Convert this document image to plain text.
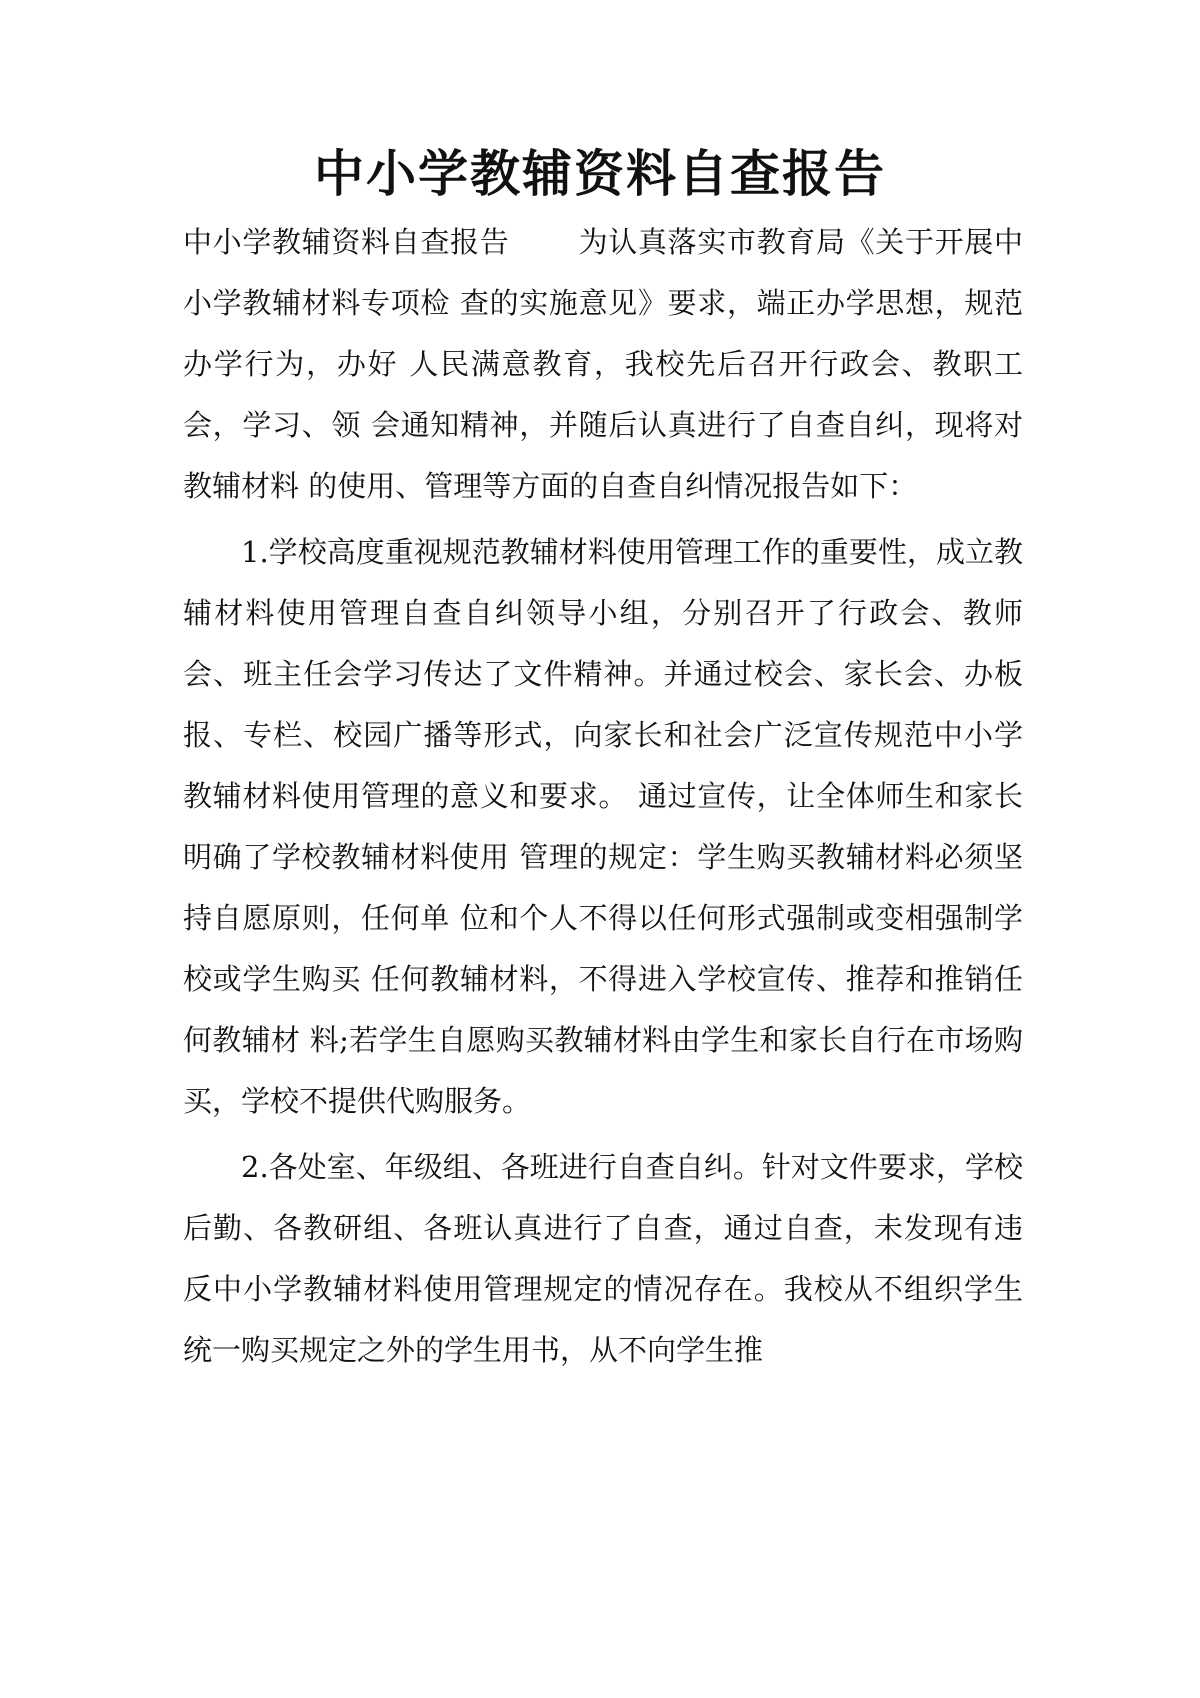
中小学教辅资料自查报告

中小学教辅资料自查报告 　　为认真落实市教育局《关于开展中小学教辅材料专项检 查的实施意见》要求，端正办学思想，规范办学行为，办好 人民满意教育，我校先后召开行政会、教职工会，学习、领 会通知精神，并随后认真进行了自查自纠，现将对教辅材料 的使用、管理等方面的自查自纠情况报告如下：

1.学校高度重视规范教辅材料使用管理工作的重要性，成立教辅材料使用管理自查自纠领导小组，分别召开了行政会、教师会、班主任会学习传达了文件精神。并通过校会、家长会、办板报、专栏、校园广播等形式，向家长和社会广泛宣传规范中小学教辅材料使用管理的意义和要求。 通过宣传，让全体师生和家长明确了学校教辅材料使用 管理的规定：学生购买教辅材料必须坚持自愿原则，任何单 位和个人不得以任何形式强制或变相强制学校或学生购买 任何教辅材料，不得进入学校宣传、推荐和推销任何教辅材 料;若学生自愿购买教辅材料由学生和家长自行在市场购 买，学校不提供代购服务。

2.各处室、年级组、各班进行自查自纠。针对文件要求，学校后勤、各教研组、各班认真进行了自查，通过自查，未发现有违反中小学教辅材料使用管理规定的情况存在。我校从不组织学生统一购买规定之外的学生用书，从不向学生推
